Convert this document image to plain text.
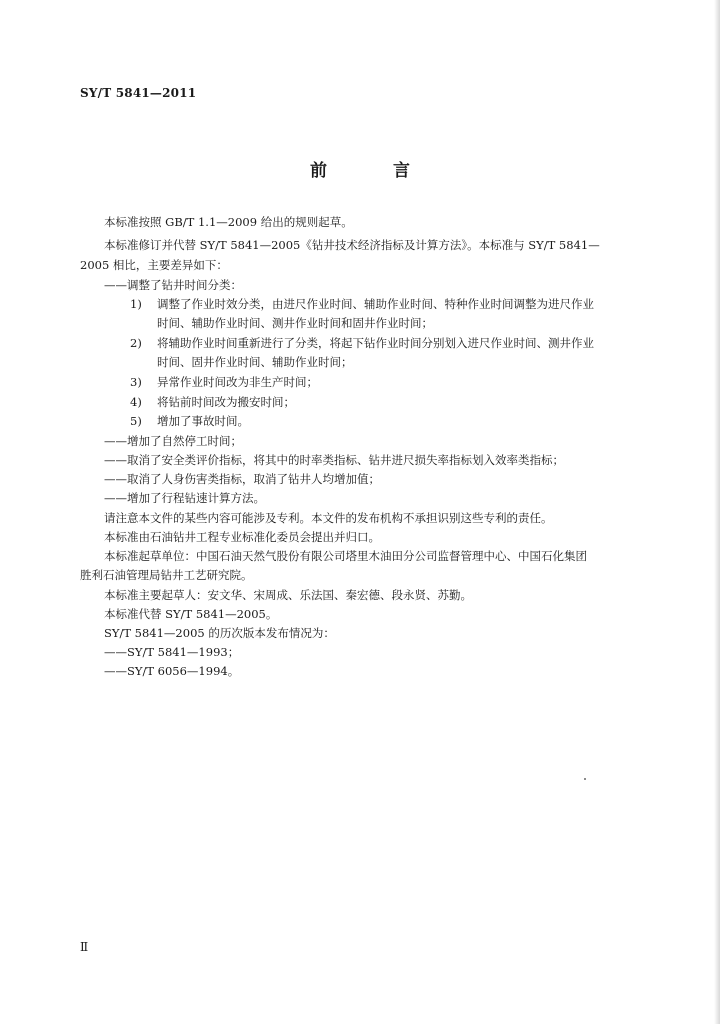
SY/T 5841—2011
前 言
本标准按照 GB/T 1.1—2009 给出的规则起草。
本标准修订并代替 SY/T 5841—2005《钻井技术经济指标及计算方法》。本标准与 SY/T 5841—
2005 相比，主要差异如下：
——调整了钻井时间分类：
1) 调整了作业时效分类，由进尺作业时间、辅助作业时间、特种作业时间调整为进尺作业
时间、辅助作业时间、测井作业时间和固井作业时间；
2) 将辅助作业时间重新进行了分类，将起下钻作业时间分别划入进尺作业时间、测井作业
时间、固井作业时间、辅助作业时间；
3) 异常作业时间改为非生产时间；
4) 将钻前时间改为搬安时间；
5) 增加了事故时间。
——增加了自然停工时间；
——取消了安全类评价指标，将其中的时率类指标、钻井进尺损失率指标划入效率类指标；
——取消了人身伤害类指标，取消了钻井人均增加值；
——增加了行程钻速计算方法。
请注意本文件的某些内容可能涉及专利。本文件的发布机构不承担识别这些专利的责任。
本标准由石油钻井工程专业标准化委员会提出并归口。
本标准起草单位：中国石油天然气股份有限公司塔里木油田分公司监督管理中心、中国石化集团
胜利石油管理局钻井工艺研究院。
本标准主要起草人：安文华、宋周成、乐法国、秦宏德、段永贤、苏勤。
本标准代替 SY/T 5841—2005。
SY/T 5841—2005 的历次版本发布情况为：
——SY/T 5841—1993；
——SY/T 6056—1994。
Ⅱ
